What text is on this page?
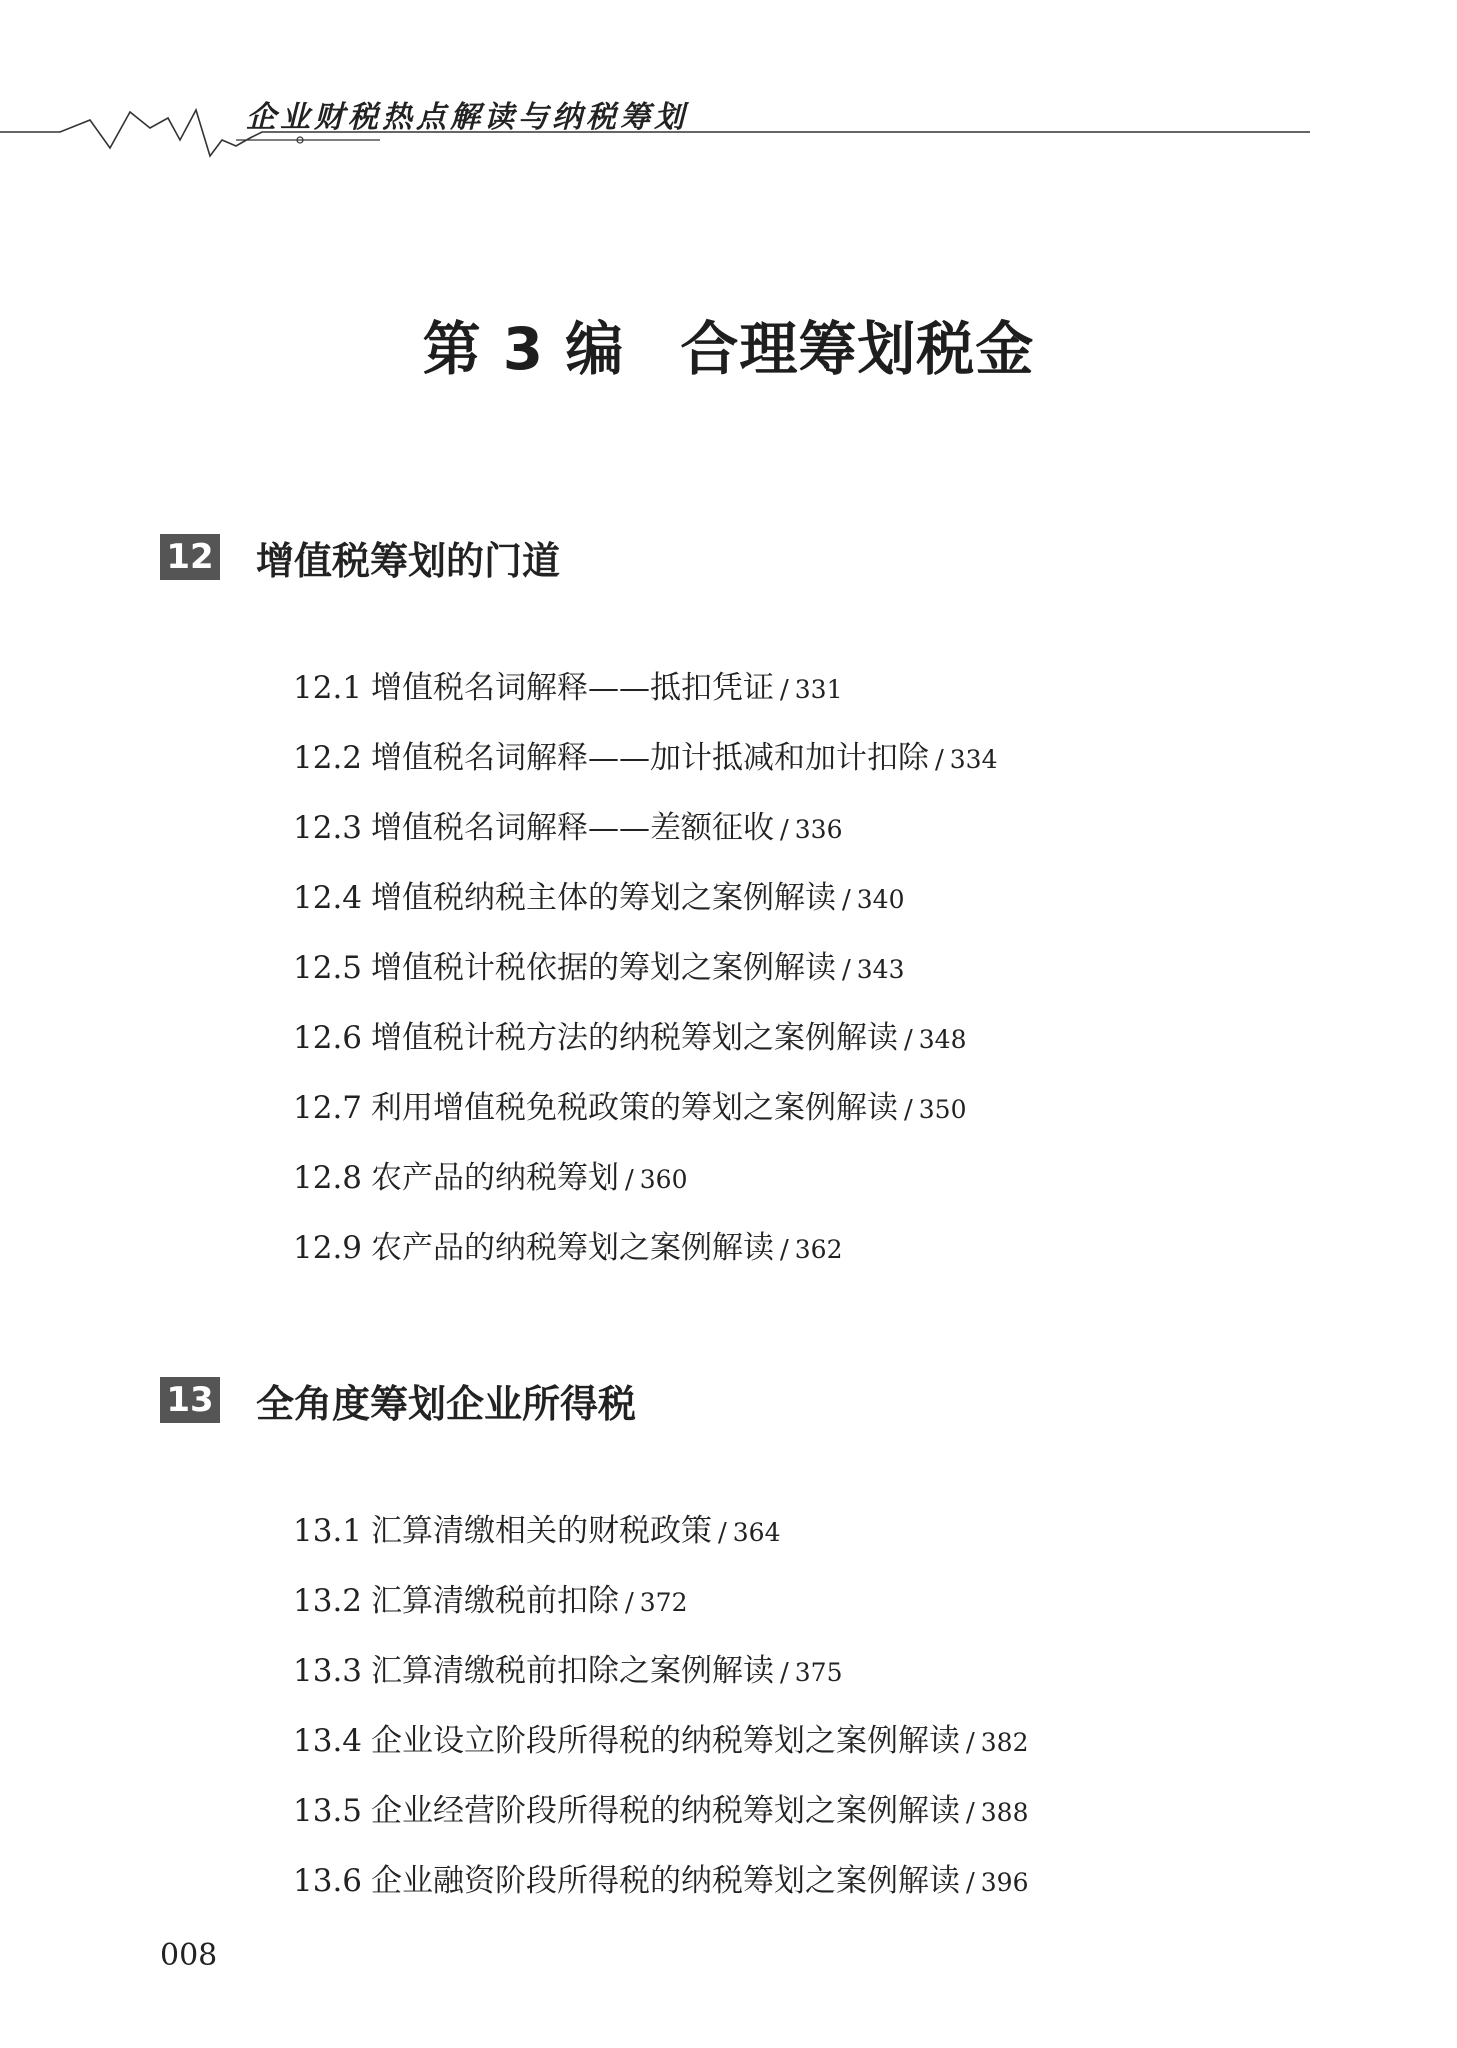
企业财税热点解读与纳税筹划

第 3 编 合理筹划税金
12 增值税筹划的门道
12.1 增值税名词解释——抵扣凭证 / 331
12.2 增值税名词解释——加计抵减和加计扣除 / 334
12.3 增值税名词解释——差额征收 / 336
12.4 增值税纳税主体的筹划之案例解读 / 340
12.5 增值税计税依据的筹划之案例解读 / 343
12.6 增值税计税方法的纳税筹划之案例解读 / 348
12.7 利用增值税免税政策的筹划之案例解读 / 350
12.8 农产品的纳税筹划 / 360
12.9 农产品的纳税筹划之案例解读 / 362
13 全角度筹划企业所得税
13.1 汇算清缴相关的财税政策 / 364
13.2 汇算清缴税前扣除 / 372
13.3 汇算清缴税前扣除之案例解读 / 375
13.4 企业设立阶段所得税的纳税筹划之案例解读 / 382
13.5 企业经营阶段所得税的纳税筹划之案例解读 / 388
13.6 企业融资阶段所得税的纳税筹划之案例解读 / 396
008
